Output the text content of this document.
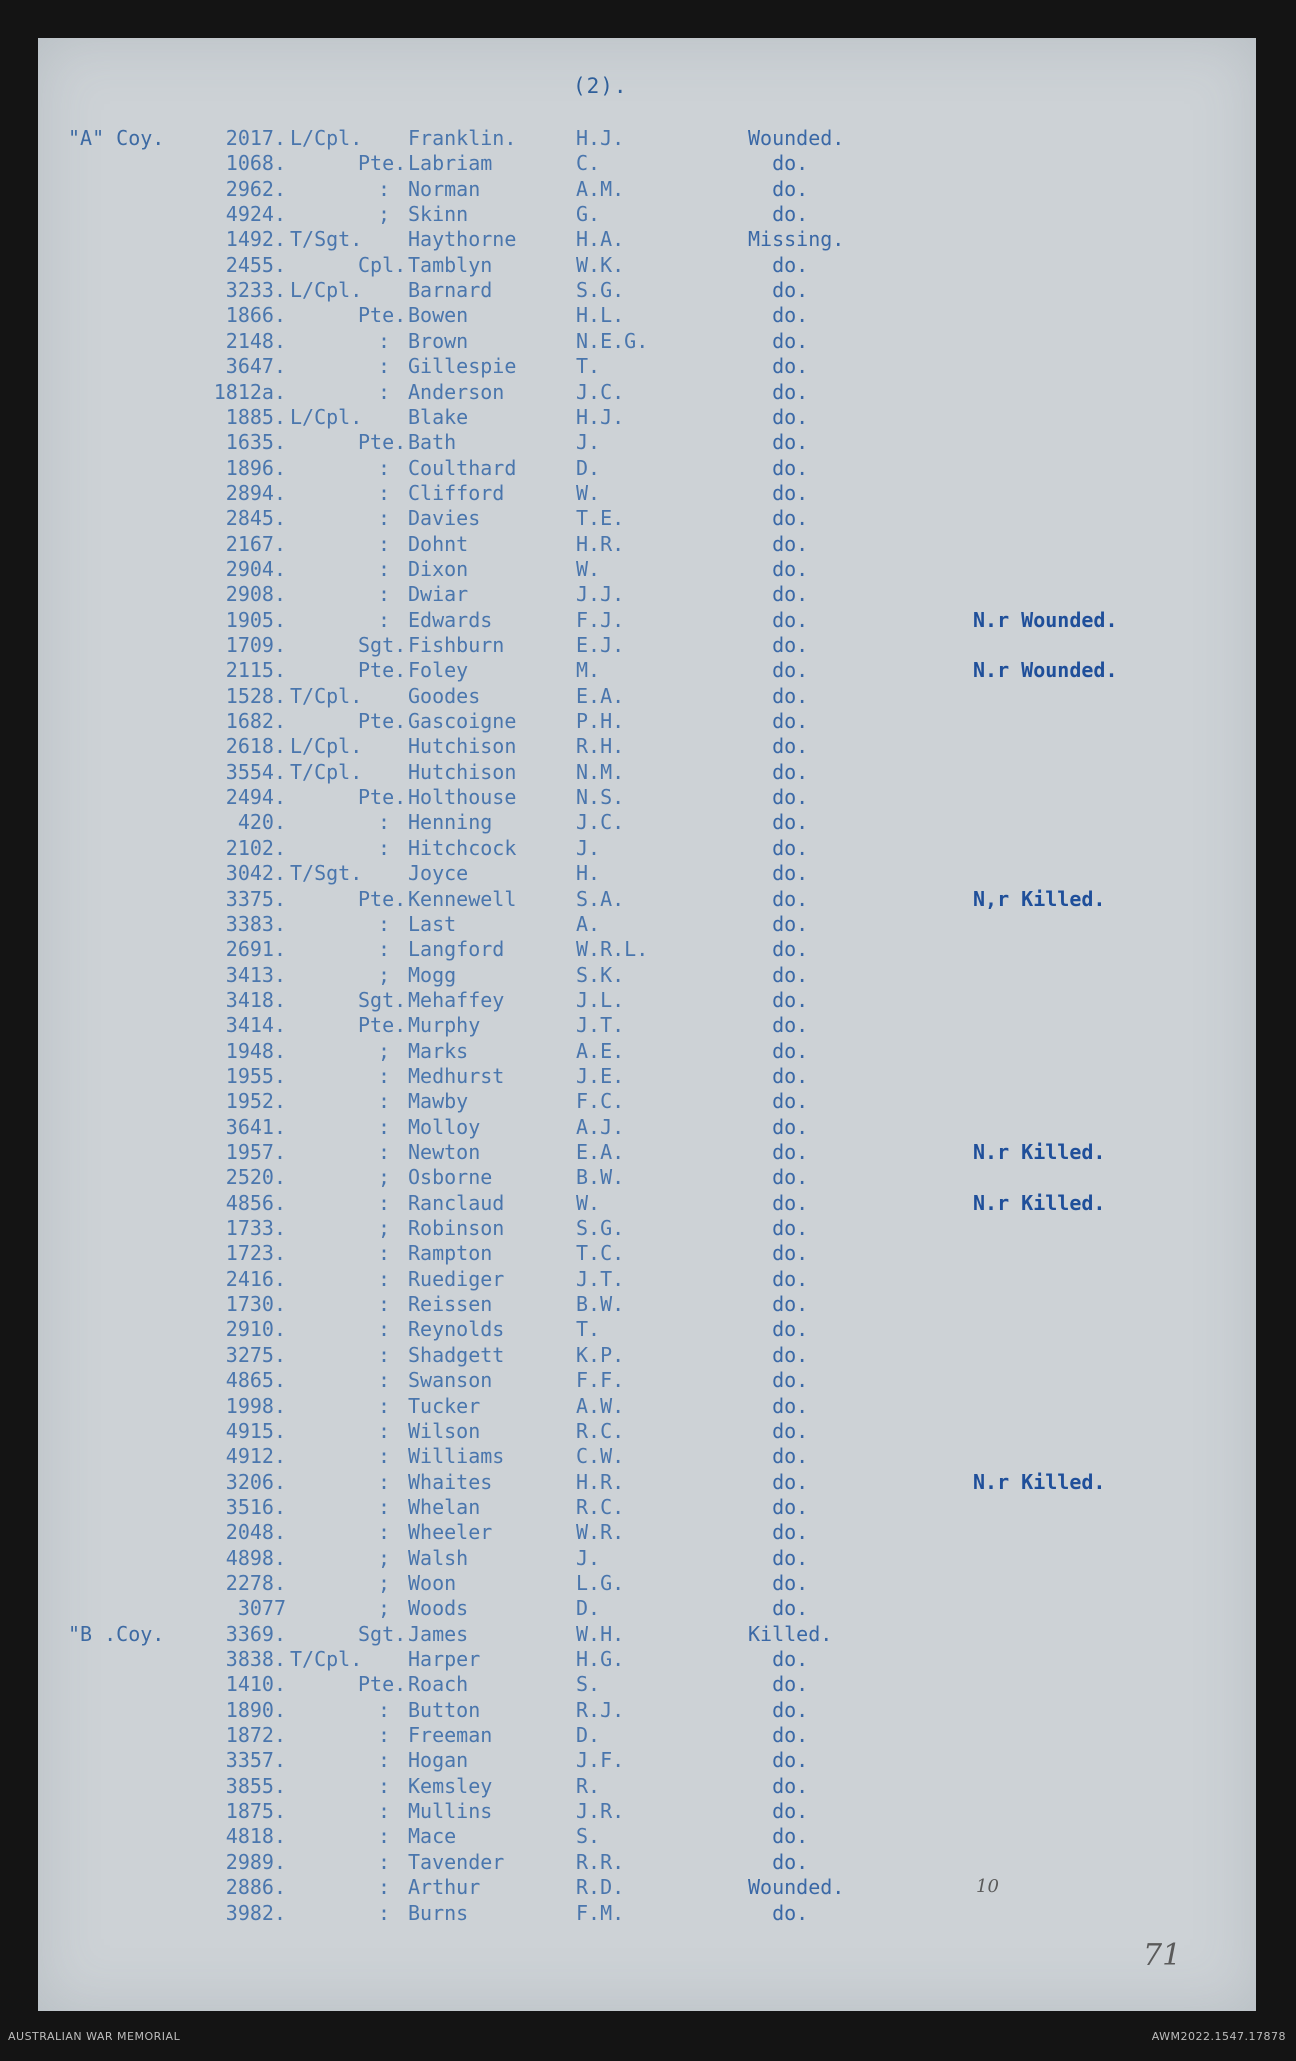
(2).
"A" Coy.	2017. L/Cpl. Franklin.	H.J.	Wounded.
1068.	Pte. Labriam	C.	do.
2962.	: Norman	A.M.	do.
4924.	; Skinn	G.	do.
1492. T/Sgt. Haythorne	H.A.	Missing.
2455.	Cpl. Tamblyn	W.K.	do.
3233. L/Cpl. Barnard	S.G.	do.
1866.	Pte. Bowen	H.L.	do.
2148.	: Brown	N.E.G.	do.
3647.	: Gillespie	T.	do.
1812a.	: Anderson	J.C.	do.
1885. L/Cpl. Blake	H.J.	do.
1635.	Pte. Bath	J.	do.
1896.	: Coulthard	D.	do.
2894.	: Clifford	W.	do.
2845.	: Davies	T.E.	do.
2167.	: Dohnt	H.R.	do.
2904.	: Dixon	W.	do.
2908.	: Dwiar	J.J.	do.
1905.	: Edwards	F.J.	do.	N.r Wounded.
1709.	Sgt. Fishburn	E.J.	do.
2115.	Pte. Foley	M.	do.	N.r Wounded.
1528. T/Cpl. Goodes	E.A.	do.
1682.	Pte. Gascoigne	P.H.	do.
2618. L/Cpl. Hutchison	R.H.	do.
3554. T/Cpl. Hutchison	N.M.	do.
2494.	Pte. Holthouse	N.S.	do.
420.	: Henning	J.C.	do.
2102.	: Hitchcock	J.	do.
3042. T/Sgt. Joyce	H.	do.
3375.	Pte. Kennewell	S.A.	do.	N,r Killed.
3383.	: Last	A.	do.
2691.	: Langford	W.R.L.	do.
3413.	; Mogg	S.K.	do.
3418.	Sgt. Mehaffey	J.L.	do.
3414.	Pte. Murphy	J.T.	do.
1948.	; Marks	A.E.	do.
1955.	: Medhurst	J.E.	do.
1952.	: Mawby	F.C.	do.
3641.	: Molloy	A.J.	do.
1957.	: Newton	E.A.	do.	N.r Killed.
2520.	; Osborne	B.W.	do.
4856.	: Ranclaud	W.	do.	N.r Killed.
1733.	; Robinson	S.G.	do.
1723.	: Rampton	T.C.	do.
2416.	: Ruediger	J.T.	do.
1730.	: Reissen	B.W.	do.
2910.	: Reynolds	T.	do.
3275.	: Shadgett	K.P.	do.
4865.	: Swanson	F.F.	do.
1998.	: Tucker	A.W.	do.
4915.	: Wilson	R.C.	do.
4912.	: Williams	C.W.	do.
3206.	: Whaites	H.R.	do.	N.r Killed.
3516.	: Whelan	R.C.	do.
2048.	: Wheeler	W.R.	do.
4898.	; Walsh	J.	do.
2278.	; Woon	L.G.	do.
3077	; Woods	D.	do.
"B .Coy.	3369.	Sgt. James	W.H.	Killed.
3838. T/Cpl. Harper	H.G.	do.
1410.	Pte. Roach	S.	do.
1890.	: Button	R.J.	do.
1872.	: Freeman	D.	do.
3357.	: Hogan	J.F.	do.
3855.	: Kemsley	R.	do.
1875.	: Mullins	J.R.	do.
4818.	: Mace	S.	do.
2989.	: Tavender	R.R.	do.
2886.	: Arthur	R.D.	Wounded.
3982.	: Burns	F.M.	do.
10
71
AUSTRALIAN WAR MEMORIAL	AWM2022.1547.17878
